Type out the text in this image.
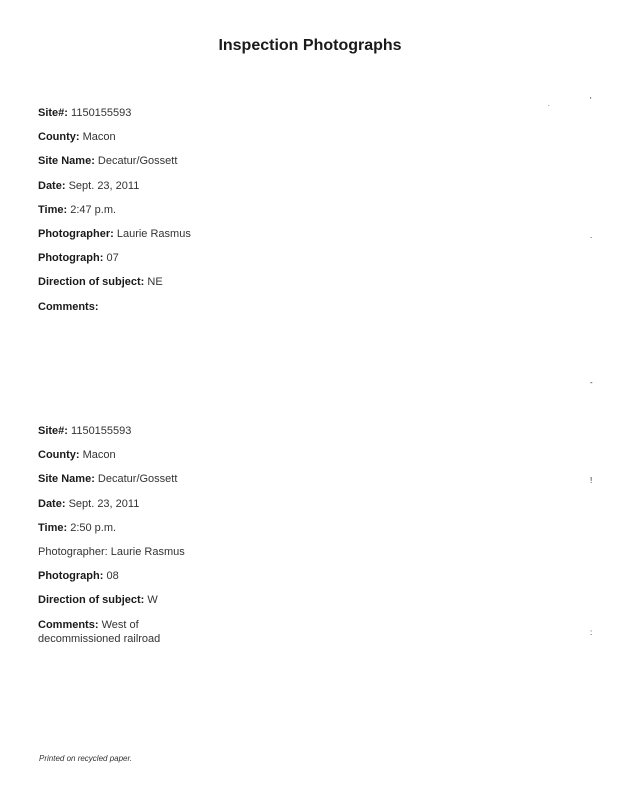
Inspection Photographs
Site#: 1150155593
County: Macon
Site Name: Decatur/Gossett
Date: Sept. 23, 2011
Time: 2:47 p.m.
Photographer: Laurie Rasmus
Photograph: 07
Direction of subject: NE
Comments:
Site#: 1150155593
County: Macon
Site Name: Decatur/Gossett
Date: Sept. 23, 2011
Time: 2:50 p.m.
Photographer: Laurie Rasmus
Photograph: 08
Direction of subject: W
Comments: West of decommissioned railroad
Printed on recycled paper.
'
.
.
-
!
:
